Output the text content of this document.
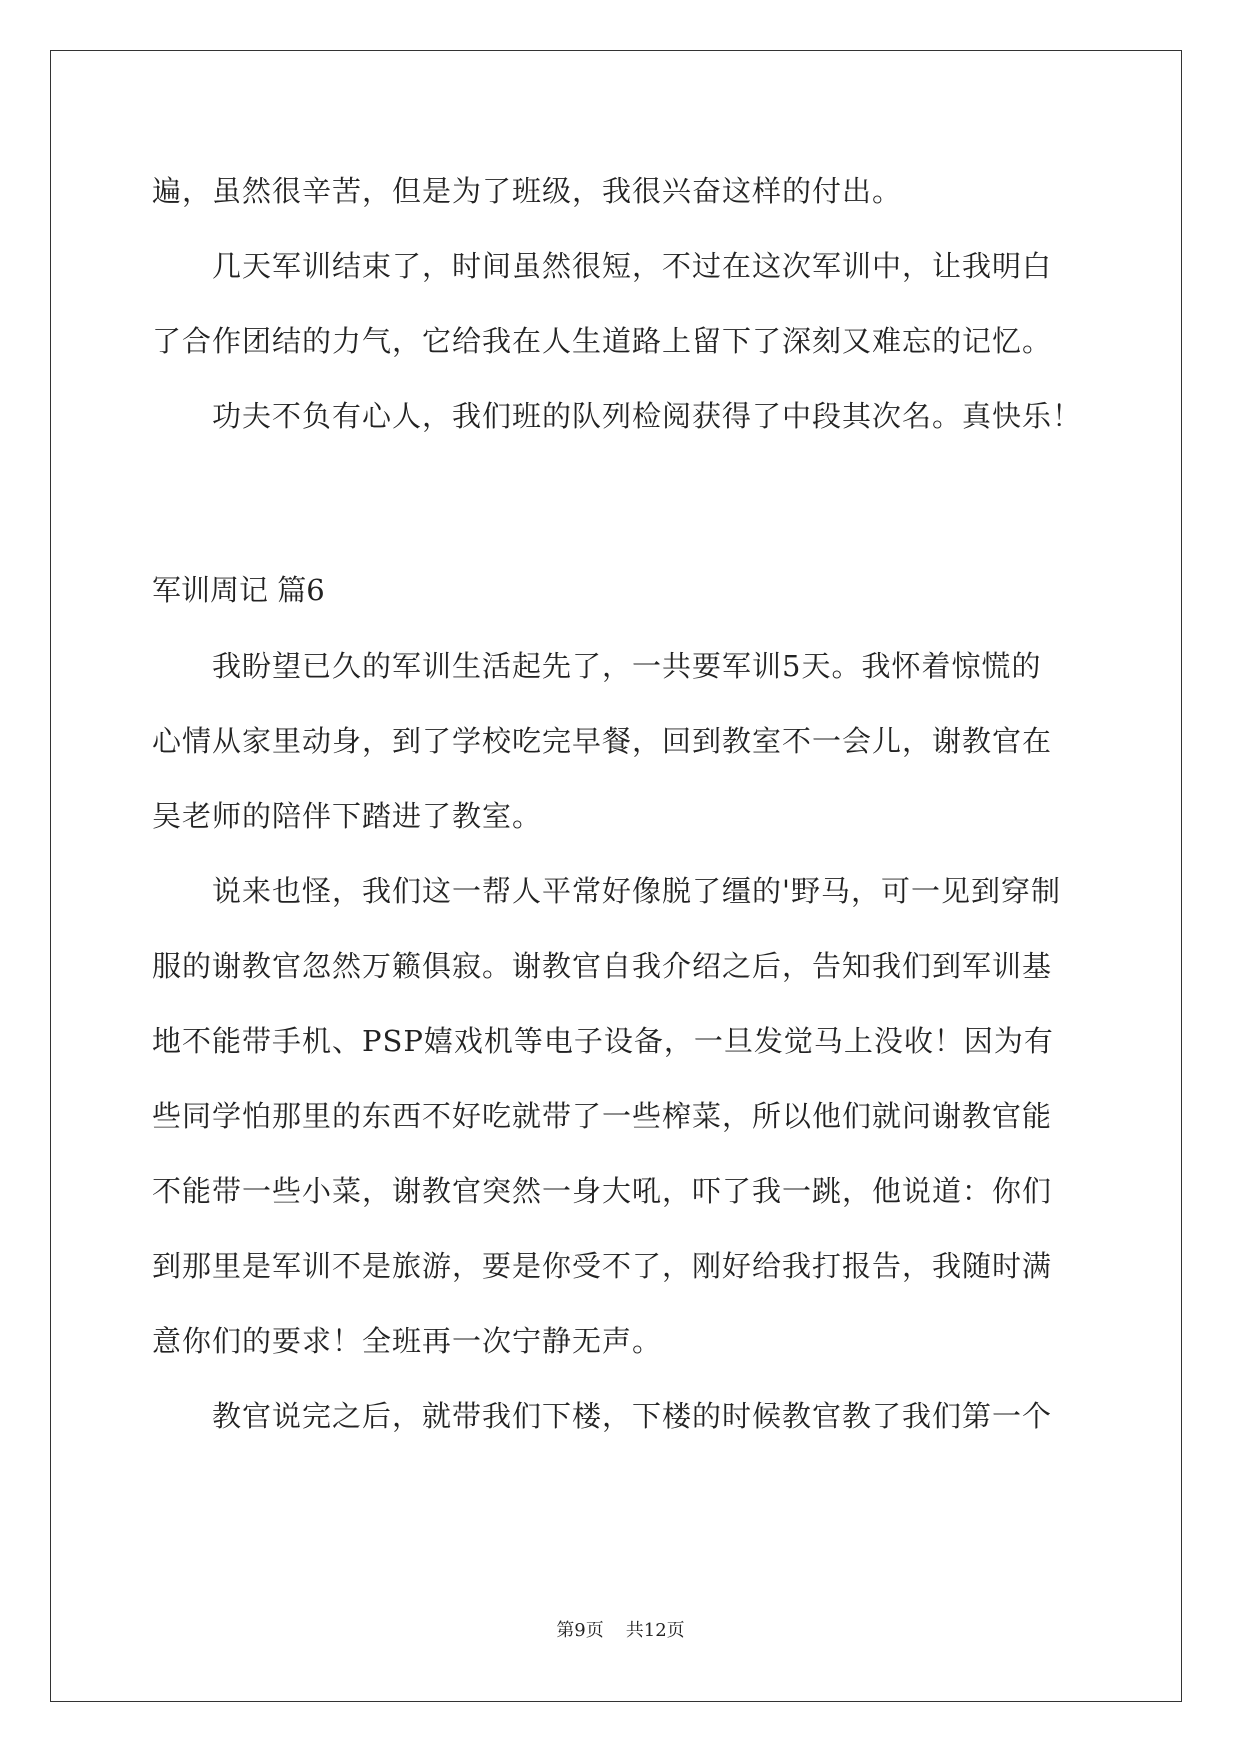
遍，虽然很辛苦，但是为了班级，我很兴奋这样的付出。
几天军训结束了，时间虽然很短，不过在这次军训中，让我明白
了合作团结的力气，它给我在人生道路上留下了深刻又难忘的记忆。
功夫不负有心人，我们班的队列检阅获得了中段其次名。真快乐！
军训周记 篇6
我盼望已久的军训生活起先了，一共要军训5天。我怀着惊慌的
心情从家里动身，到了学校吃完早餐，回到教室不一会儿，谢教官在
吴老师的陪伴下踏进了教室。
说来也怪，我们这一帮人平常好像脱了缰的'野马，可一见到穿制
服的谢教官忽然万籁俱寂。谢教官自我介绍之后，告知我们到军训基
地不能带手机、PSP嬉戏机等电子设备，一旦发觉马上没收！因为有
些同学怕那里的东西不好吃就带了一些榨菜，所以他们就问谢教官能
不能带一些小菜，谢教官突然一身大吼，吓了我一跳，他说道：你们
到那里是军训不是旅游，要是你受不了，刚好给我打报告，我随时满
意你们的要求！全班再一次宁静无声。
教官说完之后，就带我们下楼，下楼的时候教官教了我们第一个
第9页 共12页
